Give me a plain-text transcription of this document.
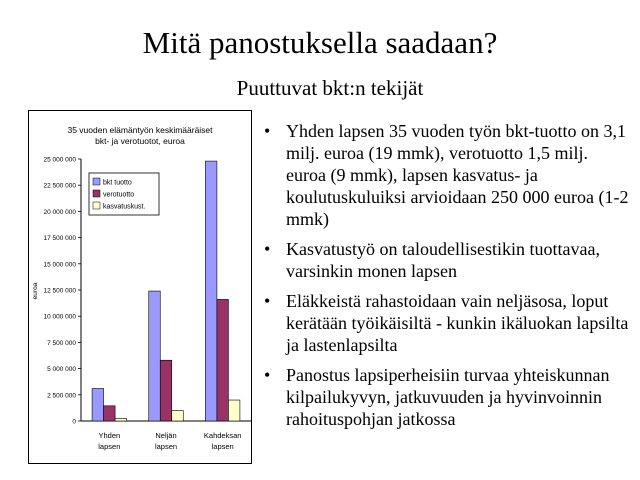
Mitä panostuksella saadaan?
Puuttuvat bkt:n tekijät
35 vuoden elämäntyön keskimääräiset
bkt- ja verotuotot, euroa
euroa
0
2 500 000
5 000 000
7 500 000
10 000 000
12 500 000
15 000 000
17 500 000
20 000 000
22 500 000
25 000 000
Yhden
lapsen
Neljän
lapsen
Kahdeksan
lapsen
bkt tuotto
verotuotto
kasvatuskust.
• Yhden lapsen 35 vuoden työn bkt-tuotto on 3,1 milj. euroa (19 mmk), verotuotto 1,5 milj. euroa (9 mmk), lapsen kasvatus- ja koulutuskuluiksi arvioidaan 250 000 euroa (1-2 mmk)
• Kasvatustyö on taloudellisestikin tuottavaa, varsinkin monen lapsen
• Eläkkeistä rahastoidaan vain neljäsosa, loput kerätään työikäisiltä - kunkin ikäluokan lapsilta ja lastenlapsilta
• Panostus lapsiperheisiin turvaa yhteiskunnan kilpailukyvyn, jatkuvuuden ja hyvinvoinnin rahoituspohjan jatkossa
